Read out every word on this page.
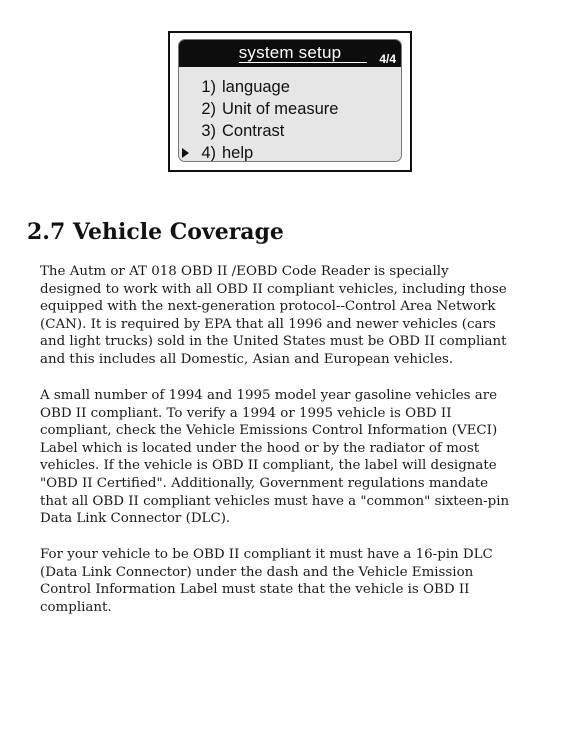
system setup	4/4
1) language
2) Unit of measure
3) Contrast
4) help
2.7 Vehicle Coverage

The Autm or AT 018 OBD II /EOBD Code Reader is specially
designed to work with all OBD II compliant vehicles, including those
equipped with the next-generation protocol--Control Area Network
(CAN). It is required by EPA that all 1996 and newer vehicles (cars
and light trucks) sold in the United States must be OBD II compliant
and this includes all Domestic, Asian and European vehicles.

A small number of 1994 and 1995 model year gasoline vehicles are
OBD II compliant. To verify a 1994 or 1995 vehicle is OBD II
compliant, check the Vehicle Emissions Control Information (VECI)
Label which is located under the hood or by the radiator of most
vehicles. If the vehicle is OBD II compliant, the label will designate
"OBD II Certified". Additionally, Government regulations mandate
that all OBD II compliant vehicles must have a "common" sixteen-pin
Data Link Connector (DLC).

For your vehicle to be OBD II compliant it must have a 16-pin DLC
(Data Link Connector) under the dash and the Vehicle Emission
Control Information Label must state that the vehicle is OBD II
compliant.
